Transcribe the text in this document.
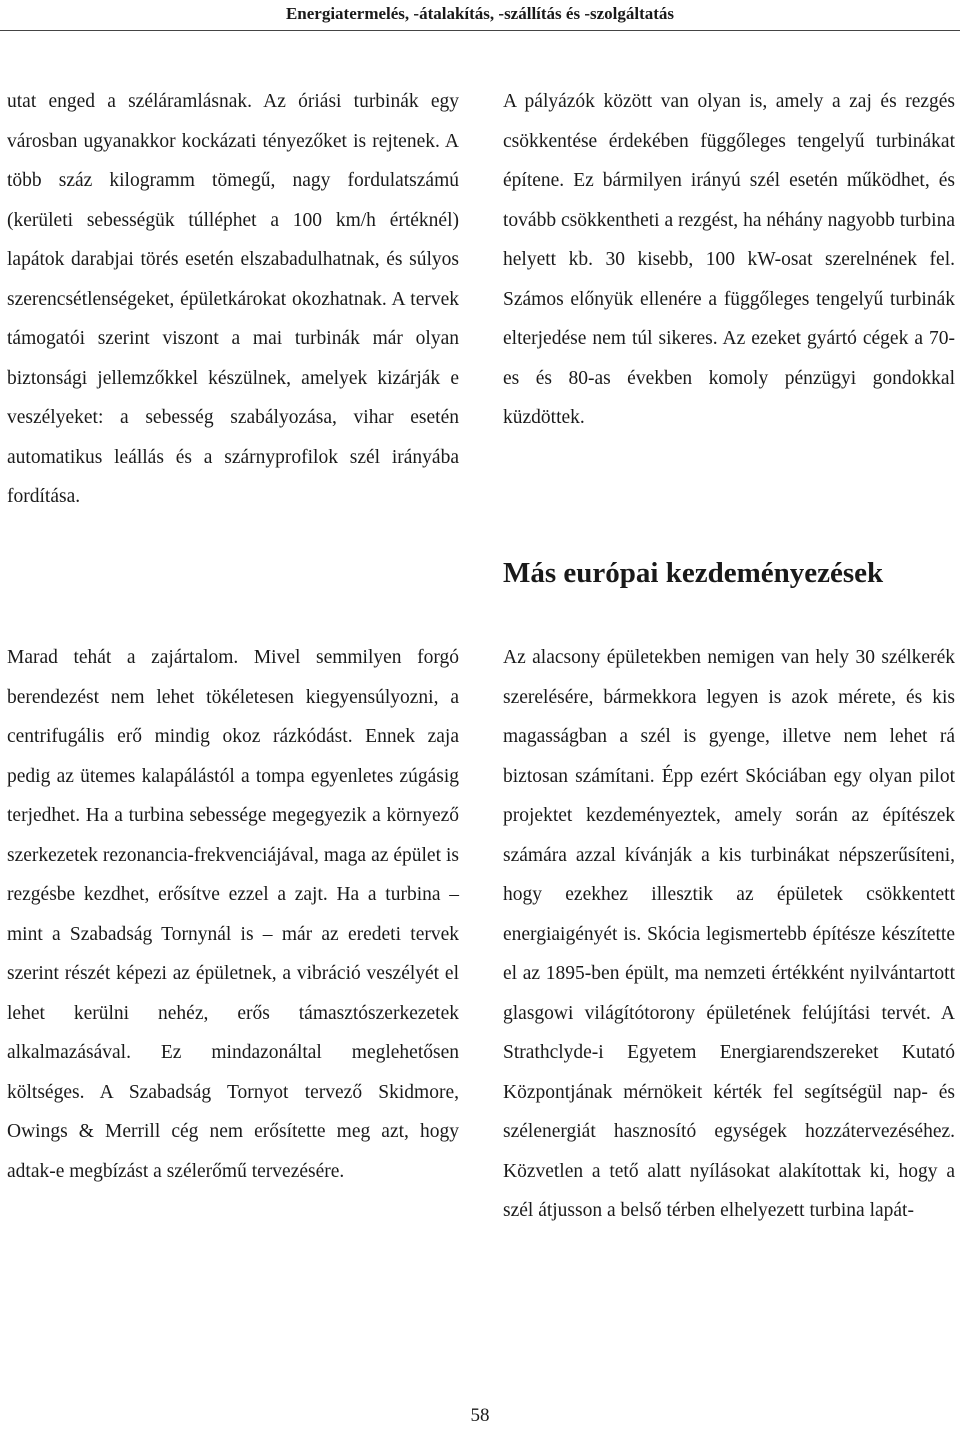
Energiatermelés, -átalakítás, -szállítás és -szolgáltatás

utat enged a széláramlásnak. Az óriási turbinák egy városban ugyanakkor kockázati tényezőket is rejtenek. A több száz kilogramm tömegű, nagy fordulatszámú (kerületi sebességük túlléphet a 100 km/h értéknél) lapátok darabjai törés esetén elszabadulhatnak, és súlyos szerencsétlenségeket, épületkárokat okozhatnak. A tervek támogatói szerint viszont a mai turbinák már olyan biztonsági jellemzőkkel készülnek, amelyek kizárják e veszélyeket: a sebesség szabályozása, vihar esetén automatikus leállás és a szárnyprofilok szél irányába fordítása.

Marad tehát a zajártalom. Mivel semmilyen forgó berendezést nem lehet tökéletesen kiegyensúlyozni, a centrifugális erő mindig okoz rázkódást. Ennek zaja pedig az ütemes kalapálástól a tompa egyenletes zúgásig terjedhet. Ha a turbina sebessége megegyezik a környező szerkezetek rezonancia-frekvenciájával, maga az épület is rezgésbe kezdhet, erősítve ezzel a zajt. Ha a turbina – mint a Szabadság Tornynál is – már az eredeti tervek szerint részét képezi az épületnek, a vibráció veszélyét el lehet kerülni nehéz, erős támasztószerkezetek alkalmazásával. Ez mindazonáltal meglehetősen költséges. A Szabadság Tornyot tervező Skidmore, Owings & Merrill cég nem erősítette meg azt, hogy adtak-e megbízást a szélerőmű tervezésére.

A pályázók között van olyan is, amely a zaj és rezgés csökkentése érdekében függőleges tengelyű turbinákat építene. Ez bármilyen irányú szél esetén működhet, és tovább csökkentheti a rezgést, ha néhány nagyobb turbina helyett kb. 30 kisebb, 100 kW-osat szerelnének fel. Számos előnyük ellenére a függőleges tengelyű turbinák elterjedése nem túl sikeres. Az ezeket gyártó cégek a 70-es és 80-as években komoly pénzügyi gondokkal küzdöttek.

Más európai kezdeményezések

Az alacsony épületekben nemigen van hely 30 szélkerék szerelésére, bármekkora legyen is azok mérete, és kis magasságban a szél is gyenge, illetve nem lehet rá biztosan számítani. Épp ezért Skóciában egy olyan pilot projektet kezdeményeztek, amely során az építészek számára azzal kívánják a kis turbinákat népszerűsíteni, hogy ezekhez illesztik az épületek csökkentett energiaigényét is. Skócia legismertebb építésze készítette el az 1895-ben épült, ma nemzeti értékként nyilvántartott glasgowi világítótorony épületének felújítási tervét. A Strathclyde-i Egyetem Energiarendszereket Kutató Központjának mérnökeit kérték fel segítségül nap- és szélenergiát hasznosító egységek hozzátervezéséhez. Közvetlen a tető alatt nyílásokat alakítottak ki, hogy a szél átjusson a belső térben elhelyezett turbina lapát-

58
